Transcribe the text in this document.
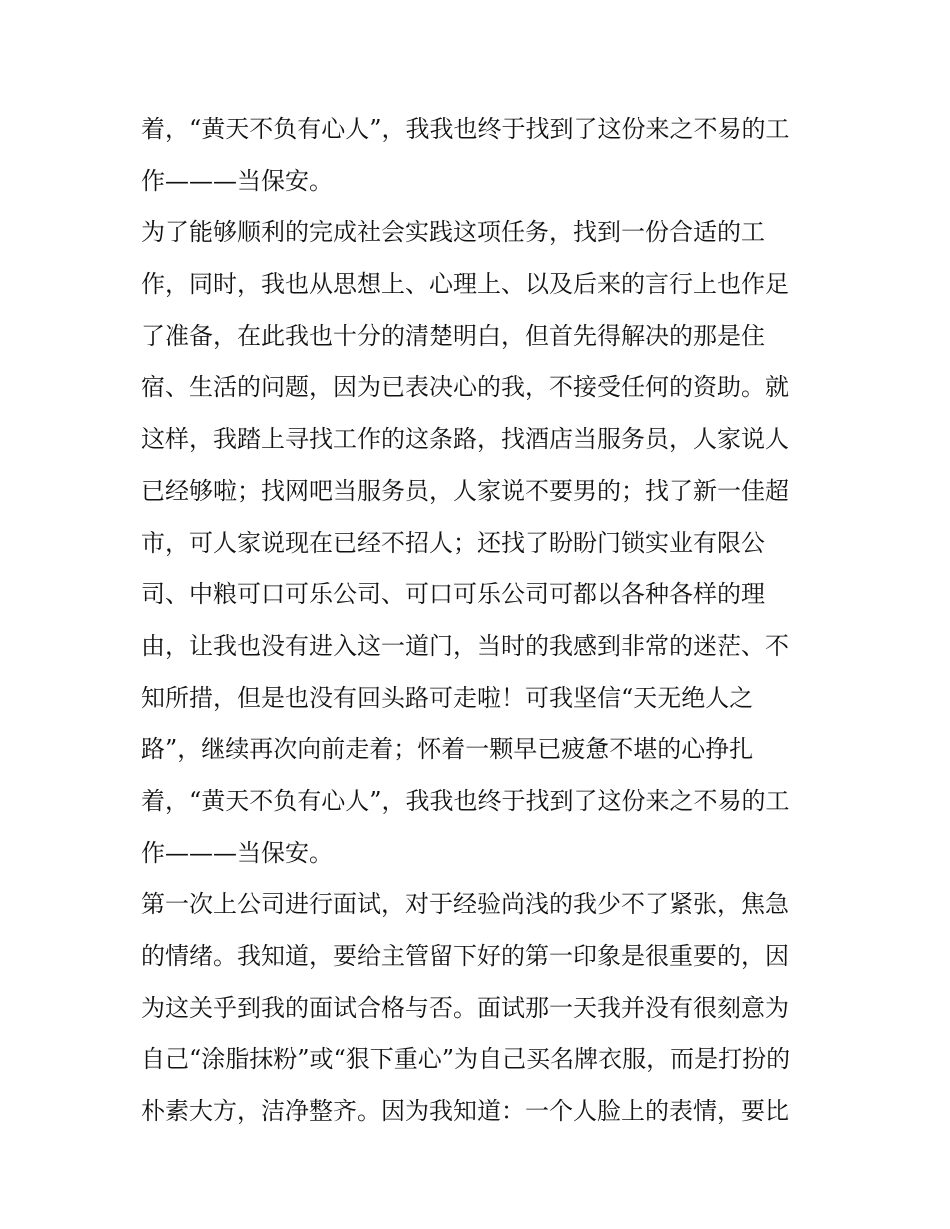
着，“黄天不负有心人”，我我也终于找到了这份来之不易的工
作———当保安。
为了能够顺利的完成社会实践这项任务，找到一份合适的工
作，同时，我也从思想上、心理上、以及后来的言行上也作足
了准备，在此我也十分的清楚明白，但首先得解决的那是住
宿、生活的问题，因为已表决心的我，不接受任何的资助。就
这样，我踏上寻找工作的这条路，找酒店当服务员，人家说人
已经够啦；找网吧当服务员，人家说不要男的；找了新一佳超
市，可人家说现在已经不招人；还找了盼盼门锁实业有限公
司、中粮可口可乐公司、可口可乐公司可都以各种各样的理
由，让我也没有进入这一道门，当时的我感到非常的迷茫、不
知所措，但是也没有回头路可走啦！可我坚信“天无绝人之
路”，继续再次向前走着；怀着一颗早已疲惫不堪的心挣扎
着，“黄天不负有心人”，我我也终于找到了这份来之不易的工
作———当保安。
第一次上公司进行面试，对于经验尚浅的我少不了紧张，焦急
的情绪。我知道，要给主管留下好的第一印象是很重要的，因
为这关乎到我的面试合格与否。面试那一天我并没有很刻意为
自己“涂脂抹粉”或“狠下重心”为自己买名牌衣服，而是打扮的
朴素大方，洁净整齐。因为我知道：一个人脸上的表情，要比
